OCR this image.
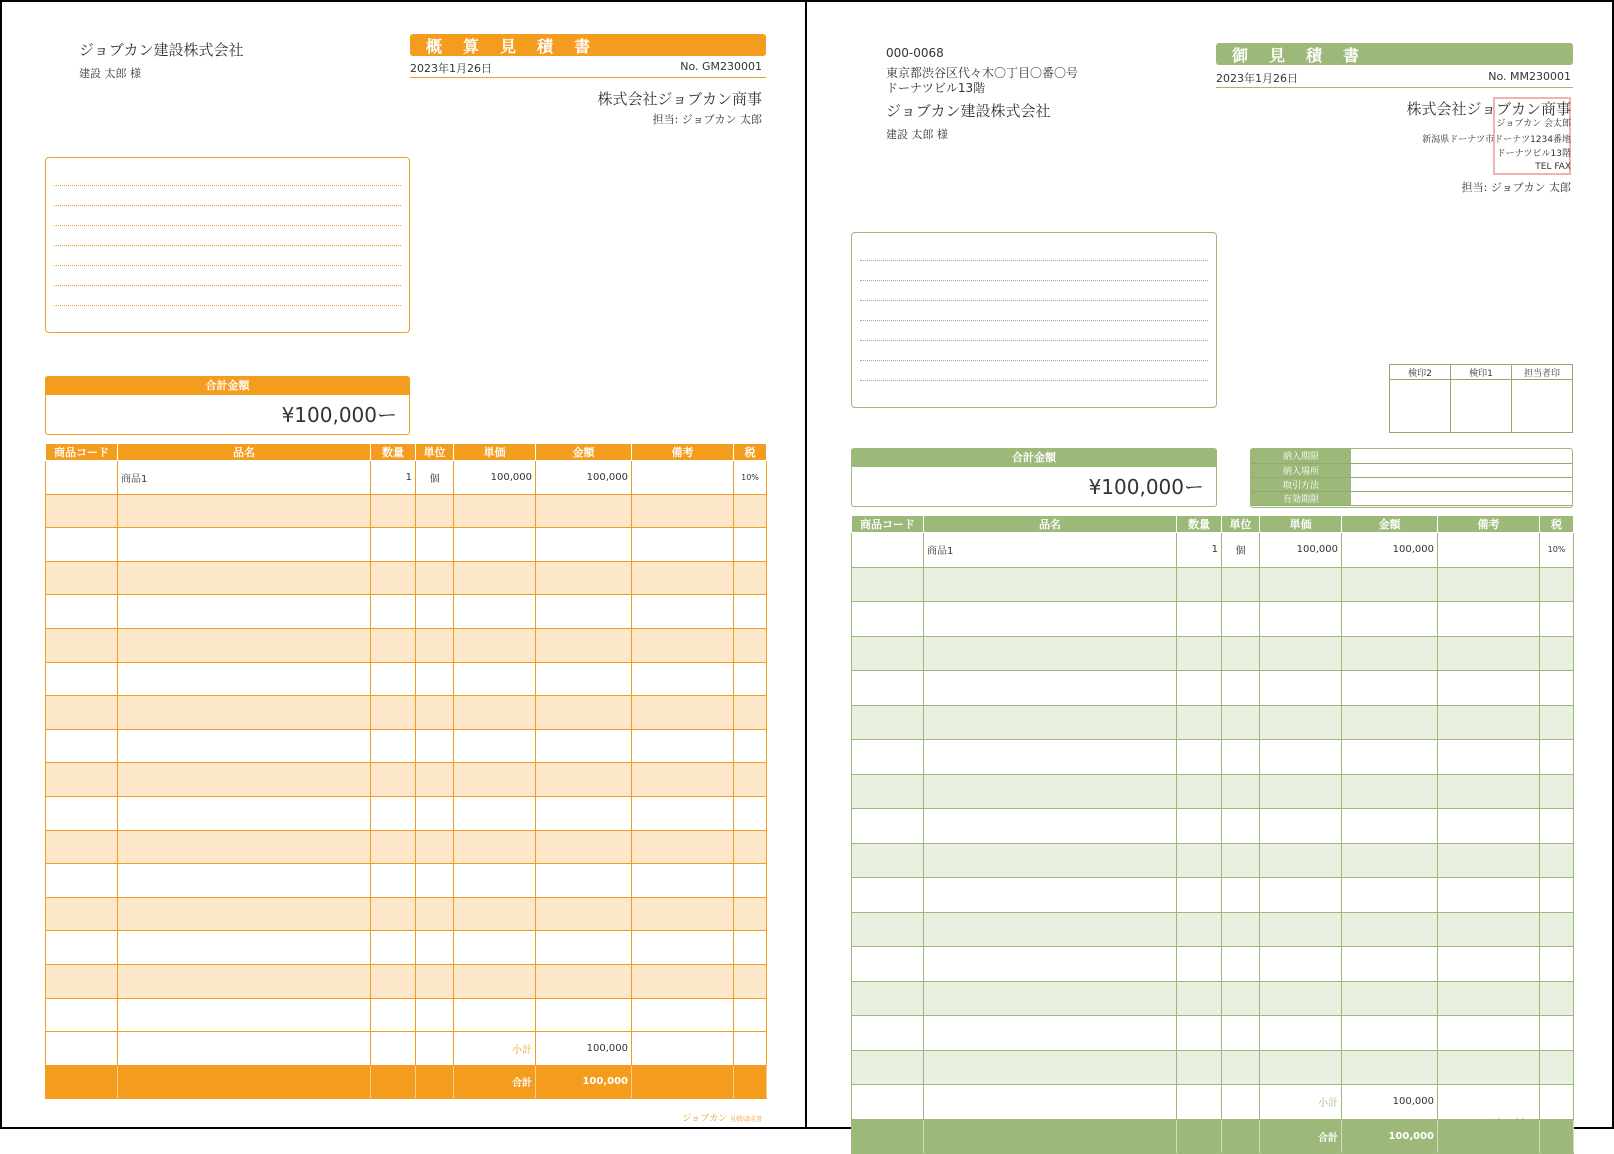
ジョブカン建設株式会社
建設 太郎 様
概 算 見 積 書
2023年1月26日	No. GM230001
株式会社ジョブカン商事
担当: ジョブカン 太郎
合計金額
¥100,000ー
商品コード	品名	数量	単位	単価	金額	備考	税
	商品1	1	個	100,000	100,000		10%

				小計	100,000		
				合計	100,000		
ジョブカン 見積/請求書
000-0068
東京都渋谷区代々木〇丁目〇番〇号
ドーナツビル13階
ジョブカン建設株式会社
建設 太郎 様
御 見 積 書
2023年1月26日	No. MM230001
株式会社ジョブカン商事
ジョブカン 会太郎
新潟県ドーナツ市ドーナツ1234番地
ドーナツビル13階
TEL FAX
担当: ジョブカン 太郎
検印2	検印1	担当者印

合計金額
¥100,000ー
納入期限	
納入場所	
取引方法	
有効期限	
商品コード	品名	数量	単位	単価	金額	備考	税
	商品1	1	個	100,000	100,000		10%

				小計	100,000		
				合計	100,000		
ジョブカン 見積/請求書
